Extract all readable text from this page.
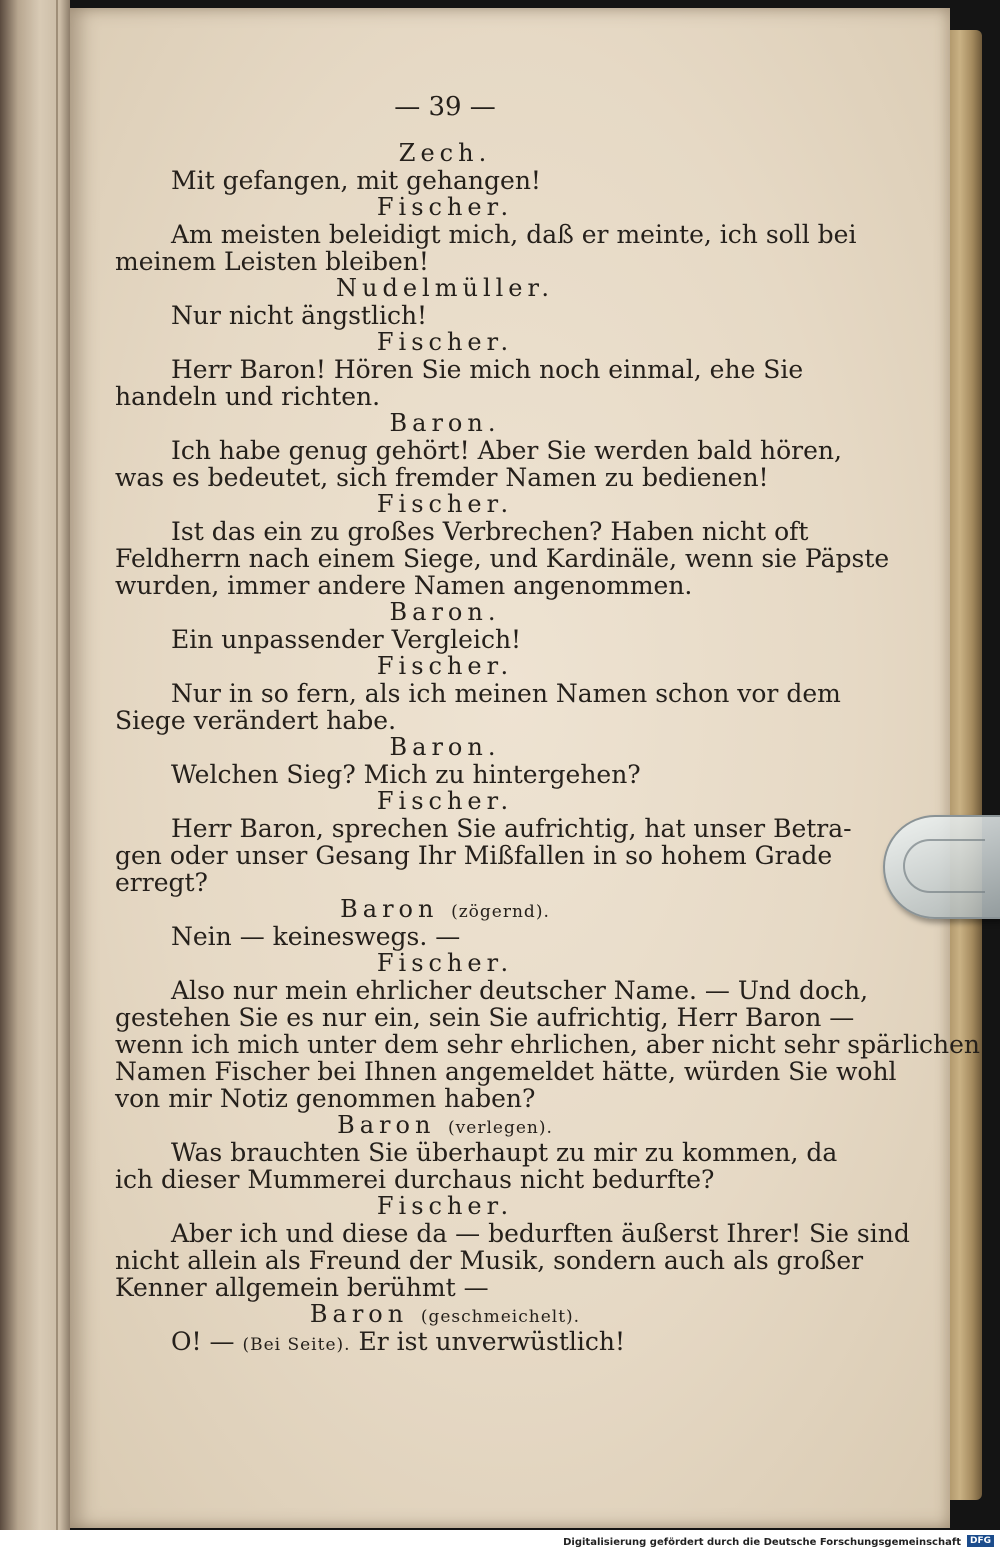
— 39 —
Zech.
Mit gefangen, mit gehangen!
Fischer.
Am meisten beleidigt mich, daß er meinte, ich soll bei
meinem Leisten bleiben!
Nudelmüller.
Nur nicht ängstlich!
Fischer.
Herr Baron! Hören Sie mich noch einmal, ehe Sie
handeln und richten.
Baron.
Ich habe genug gehört! Aber Sie werden bald hören,
was es bedeutet, sich fremder Namen zu bedienen!
Fischer.
Ist das ein zu großes Verbrechen? Haben nicht oft
Feldherrn nach einem Siege, und Kardinäle, wenn sie Päpste
wurden, immer andere Namen angenommen.
Baron.
Ein unpassender Vergleich!
Fischer.
Nur in so fern, als ich meinen Namen schon vor dem
Siege verändert habe.
Baron.
Welchen Sieg? Mich zu hintergehen?
Fischer.
Herr Baron, sprechen Sie aufrichtig, hat unser Betra-
gen oder unser Gesang Ihr Mißfallen in so hohem Grade
erregt?
Baron (zögernd).
Nein — keineswegs. —
Fischer.
Also nur mein ehrlicher deutscher Name. — Und doch,
gestehen Sie es nur ein, sein Sie aufrichtig, Herr Baron —
wenn ich mich unter dem sehr ehrlichen, aber nicht sehr spärlichen
Namen Fischer bei Ihnen angemeldet hätte, würden Sie wohl
von mir Notiz genommen haben?
Baron (verlegen).
Was brauchten Sie überhaupt zu mir zu kommen, da
ich dieser Mummerei durchaus nicht bedurfte?
Fischer.
Aber ich und diese da — bedurften äußerst Ihrer! Sie sind
nicht allein als Freund der Musik, sondern auch als großer
Kenner allgemein berühmt —
Baron (geschmeichelt).
O! — (Bei Seite). Er ist unverwüstlich!
Digitalisierung gefördert durch die Deutsche Forschungsgemeinschaft DFG
